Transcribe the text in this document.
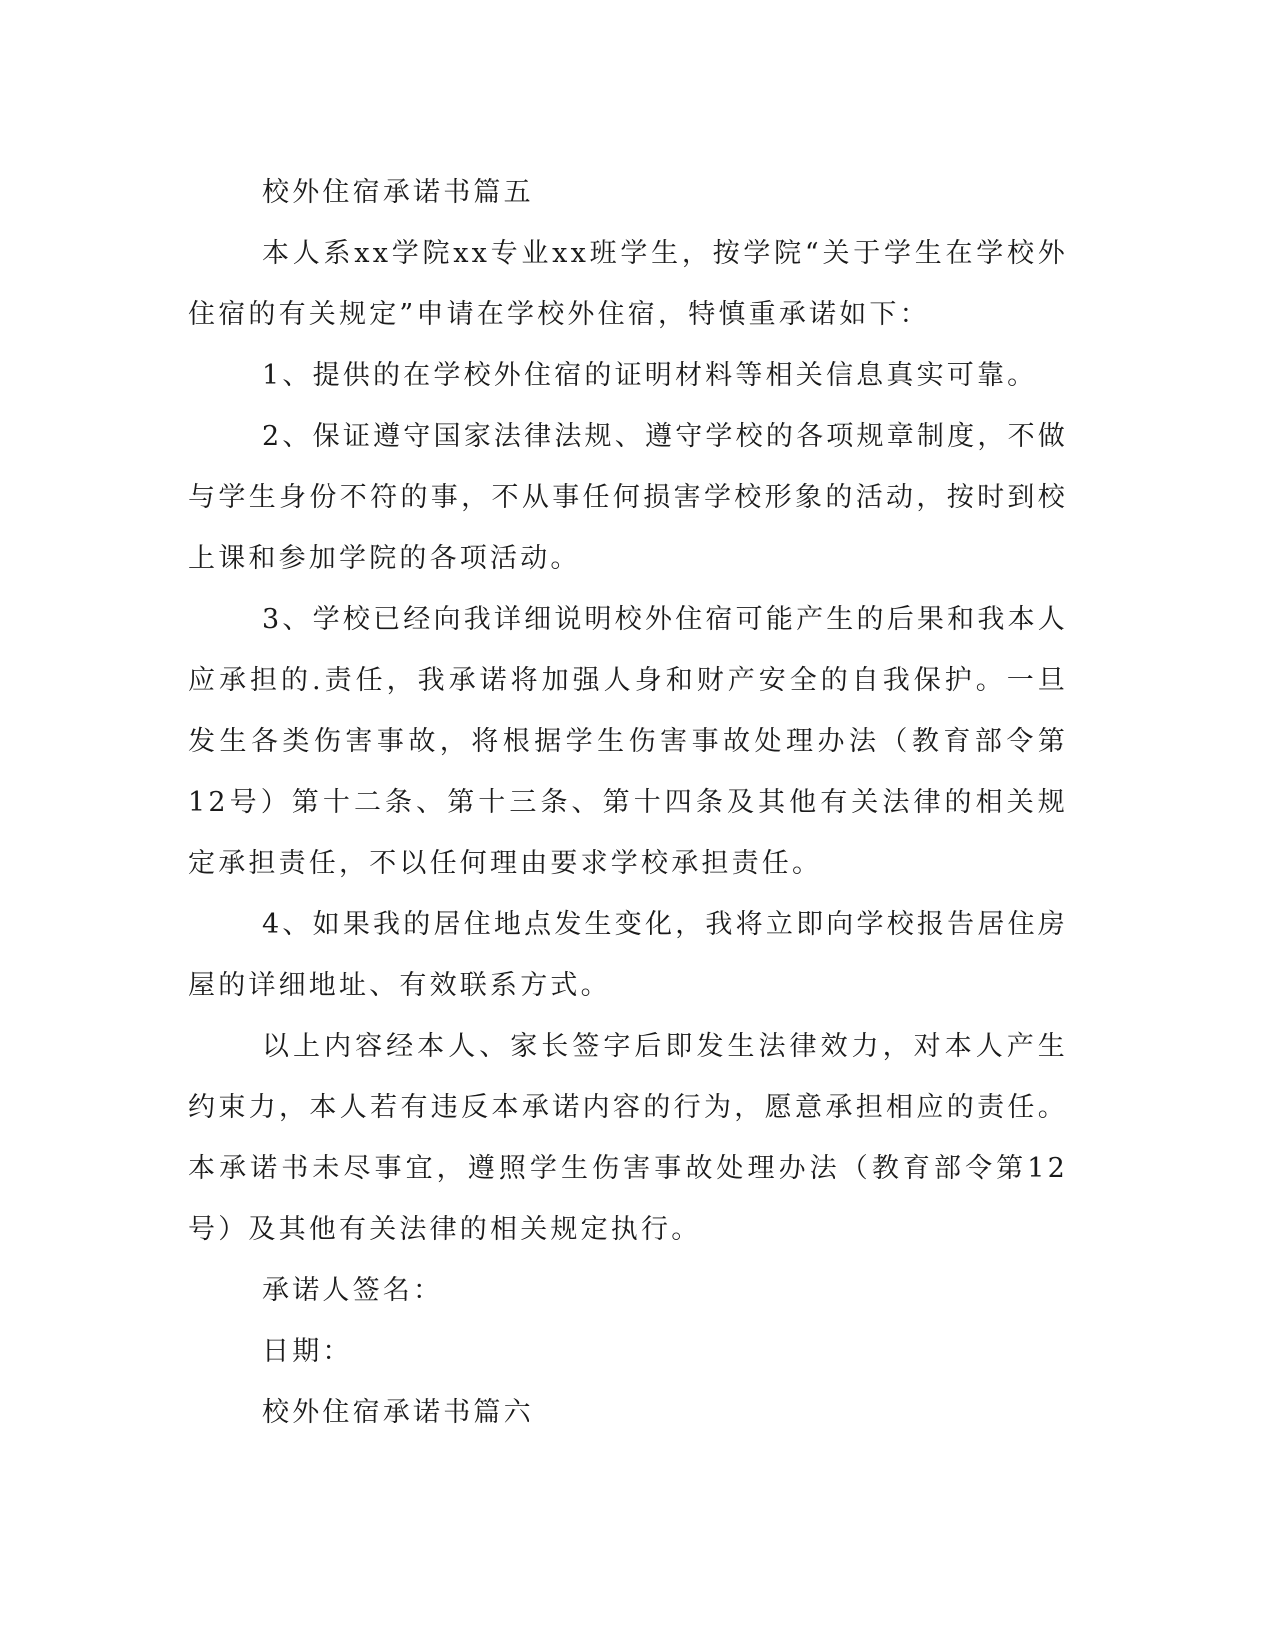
校外住宿承诺书篇五

本人系xx学院xx专业xx班学生，按学院“关于学生在学校外住宿的有关规定”申请在学校外住宿，特慎重承诺如下：

1、提供的在学校外住宿的证明材料等相关信息真实可靠。

2、保证遵守国家法律法规、遵守学校的各项规章制度，不做与学生身份不符的事，不从事任何损害学校形象的活动，按时到校上课和参加学院的各项活动。

3、学校已经向我详细说明校外住宿可能产生的后果和我本人应承担的.责任，我承诺将加强人身和财产安全的自我保护。一旦发生各类伤害事故，将根据学生伤害事故处理办法（教育部令第12号）第十二条、第十三条、第十四条及其他有关法律的相关规定承担责任，不以任何理由要求学校承担责任。

4、如果我的居住地点发生变化，我将立即向学校报告居住房屋的详细地址、有效联系方式。

以上内容经本人、家长签字后即发生法律效力，对本人产生约束力，本人若有违反本承诺内容的行为，愿意承担相应的责任。本承诺书未尽事宜，遵照学生伤害事故处理办法（教育部令第12号）及其他有关法律的相关规定执行。

承诺人签名：

日期：

校外住宿承诺书篇六
